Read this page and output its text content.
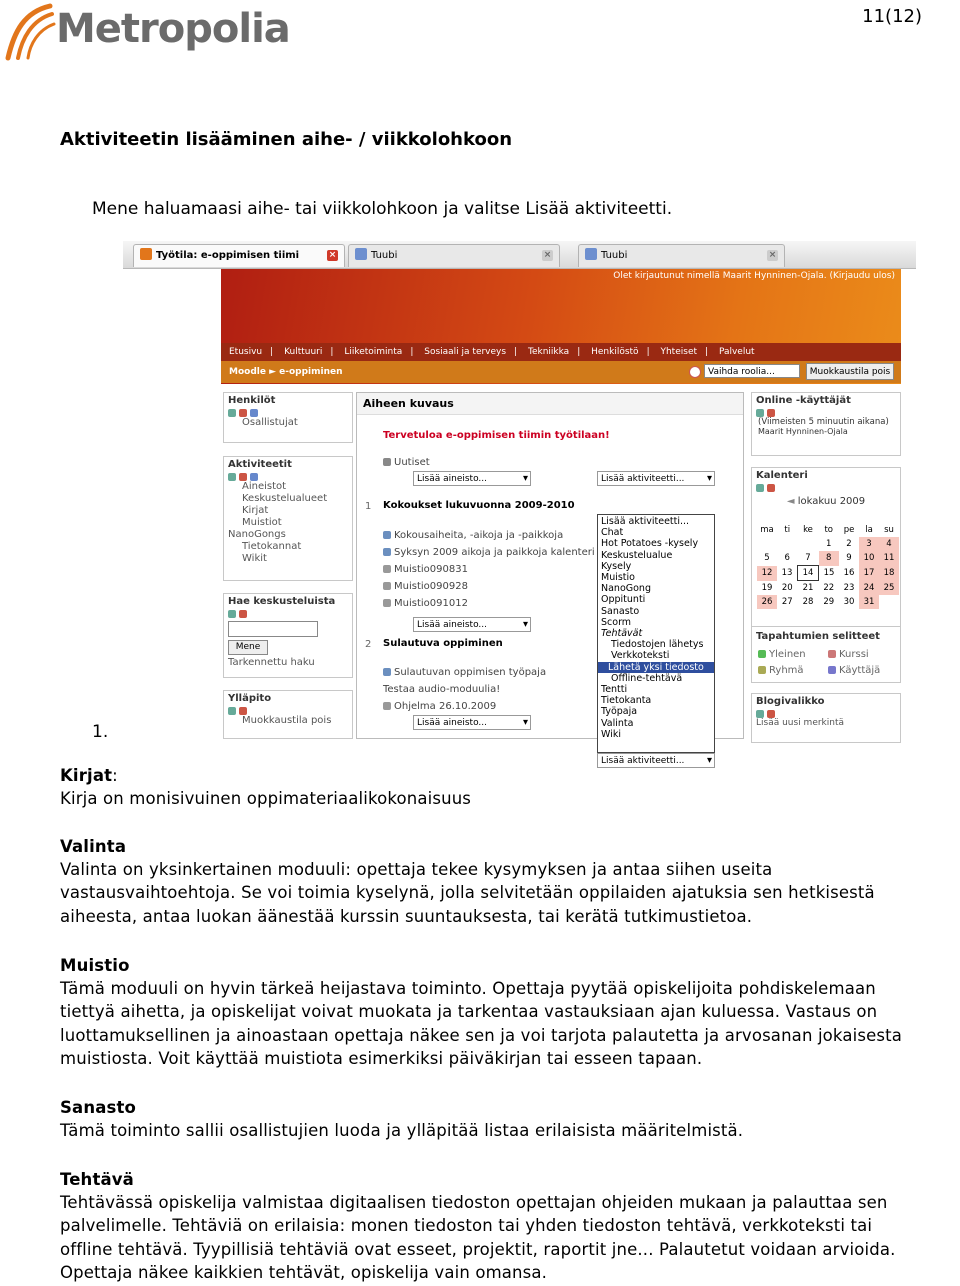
Metropolia	11(12)
Aktiviteetin lisääminen aihe- / viikkolohkoon
Mene haluamaasi aihe- tai viikkolohkoon ja valitse Lisää aktiviteetti.
Työtila: e-oppimisen tiimi	×	Tuubi	×	Tuubi	×
Olet kirjautunut nimellä Maarit Hynninen-Ojala. (Kirjaudu ulos)
Etusivu | Kulttuuri | Liiketoiminta | Sosiaali ja terveys | Tekniikka | Henkilöstö | Yhteiset | Palvelut
Moodle ► e-oppiminen	Vaihda roolia...	Muokkaustila pois
Henkilöt
Osallistujat
Aktiviteetit
Aineistot
Keskustelualueet
Kirjat
Muistiot
NanoGongs
Tietokannat
Wikit
Hae keskusteluista
Mene
Tarkennettu haku
Ylläpito
Muokkaustila pois
Aiheen kuvaus
Tervetuloa e-oppimisen tiimin työtilaan!
Uutiset
Lisää aineisto... ▾	Lisää aktiviteetti... ▾
1 Kokoukset lukuvuonna 2009-2010
Kokousaiheita, -aikoja ja -paikkoja
Syksyn 2009 aikoja ja paikkoja kalenteri
Muistio090831
Muistio090928
Muistio091012
Lisää aineisto... ▾
2 Sulautuva oppiminen
Sulautuvan oppimisen työpaja
Testaa audio-moduulia!
Ohjelma 26.10.2009
Lisää aineisto... ▾
Lisää aktiviteetti...
Chat
Hot Potatoes -kysely
Keskustelualue
Kysely
Muistio
NanoGong
Oppitunti
Sanasto
Scorm
Tehtävät
Tiedostojen lähetys
Verkkoteksti
Lähetä yksi tiedosto
Offline-tehtävä
Tentti
Tietokanta
Työpaja
Valinta
Wiki
Lisää aktiviteetti... ▾
Online -käyttäjät
(Viimeisten 5 minuutin aikana)
Maarit Hynninen-Ojala
Kalenteri
◄ lokakuu 2009
ma	ti	ke	to	pe	la	su
			1	2	3	4
5	6	7	8	9	10	11
12	13	14	15	16	17	18
19	20	21	22	23	24	25
26	27	28	29	30	31	
Tapahtumien selitteet
Yleinen	Kurssi
Ryhmä	Käyttäjä
Blogivalikko
Lisää uusi merkintä
1.
Kirjat:
Kirja on monisivuinen oppimateriaalikokonaisuus
Valinta
Valinta on yksinkertainen moduuli: opettaja tekee kysymyksen ja antaa siihen useita
vastausvaihtoehtoja. Se voi toimia kyselynä, jolla selvitetään oppilaiden ajatuksia sen hetkisestä
aiheesta, antaa luokan äänestää kurssin suuntauksesta, tai kerätä tutkimustietoa.
Muistio
Tämä moduuli on hyvin tärkeä heijastava toiminto. Opettaja pyytää opiskelijoita pohdiskelemaan
tiettyä aihetta, ja opiskelijat voivat muokata ja tarkentaa vastauksiaan ajan kuluessa. Vastaus on
luottamuksellinen ja ainoastaan opettaja näkee sen ja voi tarjota palautetta ja arvosanan jokaisesta
muistiosta. Voit käyttää muistiota esimerkiksi päiväkirjan tai esseen tapaan.
Sanasto
Tämä toiminto sallii osallistujien luoda ja ylläpitää listaa erilaisista määritelmistä.
Tehtävä
Tehtävässä opiskelija valmistaa digitaalisen tiedoston opettajan ohjeiden mukaan ja palauttaa sen
palvelimelle. Tehtäviä on erilaisia: monen tiedoston tai yhden tiedoston tehtävä, verkkoteksti tai
offline tehtävä. Tyypillisiä tehtäviä ovat esseet, projektit, raportit jne... Palautetut voidaan arvioida.
Opettaja näkee kaikkien tehtävät, opiskelija vain omansa.
